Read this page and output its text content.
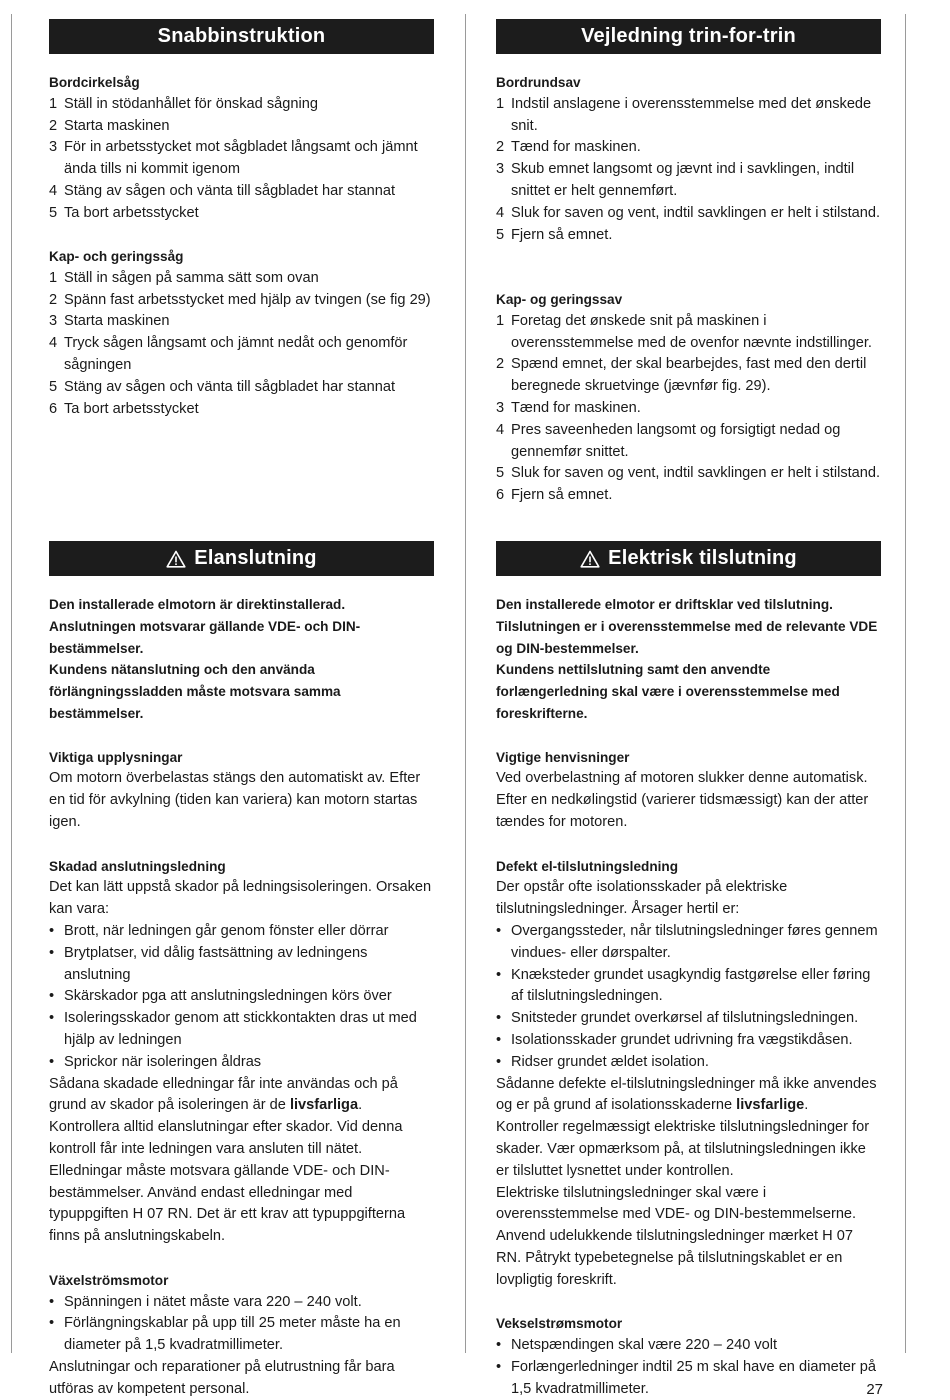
Snabbinstruktion
Bordcirkelsåg
1 Ställ in stödanhållet för önskad sågning
2 Starta maskinen
3 För in arbetsstycket mot sågbladet långsamt och jämnt ända tills ni kommit igenom
4 Stäng av sågen och vänta till sågbladet har stannat
5 Ta bort arbetsstycket
Kap- och geringssåg
1 Ställ in sågen på samma sätt som ovan
2 Spänn fast arbetsstycket med hjälp av tvingen (se fig 29)
3 Starta maskinen
4 Tryck sågen långsamt och jämnt nedåt och genomför sågningen
5 Stäng av sågen och vänta till sågbladet har stannat
6 Ta bort arbetsstycket
Elanslutning

Den installerade elmotorn är direktinstallerad. Anslutningen motsvarar gällande VDE- och DIN-bestämmelser.

Kundens nätanslutning och den använda förlängningssladden måste motsvara samma bestämmelser.

Viktiga upplysningar

Om motorn överbelastas stängs den automatiskt av. Efter en tid för avkylning (tiden kan variera) kan motorn startas igen.

Skadad anslutningsledning

Det kan lätt uppstå skador på ledningsisoleringen. Orsaken kan vara:

• Brott, när ledningen går genom fönster eller dörrar
• Brytplatser, vid dålig fastsättning av ledningens anslutning
• Skärskador pga att anslutningsledningen körs över
• Isoleringsskador genom att stickkontakten dras ut med hjälp av ledningen
• Sprickor när isoleringen åldras

Sådana skadade elledningar får inte användas och på grund av skador på isoleringen är de livsfarliga.

Kontrollera alltid elanslutningar efter skador. Vid denna kontroll får inte ledningen vara ansluten till nätet.

Elledningar måste motsvara gällande VDE- och DIN-bestämmelser. Använd endast elledningar med typuppgiften H 07 RN. Det är ett krav att typuppgifterna finns på anslutningskabeln.

Växelströmsmotor
• Spänningen i nätet måste vara 220 – 240 volt.
• Förlängningskablar på upp till 25 meter måste ha en diameter på 1,5 kvadratmillimeter.

Anslutningar och reparationer på elutrustning får bara utföras av kompetent personal.

Vejledning trin-for-trin
Bordrundsav
1 Indstil anslagene i overensstemmelse med det ønskede snit.
2 Tænd for maskinen.
3 Skub emnet langsomt og jævnt ind i savklingen, indtil snittet er helt gennemført.
4 Sluk for saven og vent, indtil savklingen er helt i stilstand.
5 Fjern så emnet.
Kap- og geringssav
1 Foretag det ønskede snit på maskinen i overensstemmelse med de ovenfor nævnte indstillinger.
2 Spænd emnet, der skal bearbejdes, fast med den dertil beregnede skruetvinge (jævnfør fig. 29).
3 Tænd for maskinen.
4 Pres saveenheden langsomt og forsigtigt nedad og gennemfør snittet.
5 Sluk for saven og vent, indtil savklingen er helt i stilstand.
6 Fjern så emnet.
Elektrisk tilslutning

Den installerede elmotor er driftsklar ved tilslutning. Tilslutningen er i overensstemmelse med de relevante VDE og DIN-bestemmelser.

Kundens nettilslutning samt den anvendte forlængerledning skal være i overensstemmelse med foreskrifterne.

Vigtige henvisninger

Ved overbelastning af motoren slukker denne automatisk. Efter en nedkølingstid (varierer tidsmæssigt) kan der atter tændes for motoren.

Defekt el-tilslutningsledning

Der opstår ofte isolationsskader på elektriske tilslutningsledninger. Årsager hertil er:

• Overgangssteder, når tilslutningsledninger føres gennem vindues- eller dørspalter.
• Knæksteder grundet usagkyndig fastgørelse eller føring af tilslutningsledningen.
• Snitsteder grundet overkørsel af tilslutningsledningen.
• Isolationsskader grundet udrivning fra vægstikdåsen.
• Ridser grundet ældet isolation.

Sådanne defekte el-tilslutningsledninger må ikke anvendes og er på grund af isolationsskaderne livsfarlige.

Kontroller regelmæssigt elektriske tilslutningsledninger for skader. Vær opmærksom på, at tilslutningsledningen ikke er tilsluttet lysnettet under kontrollen.

Elektriske tilslutningsledninger skal være i overensstemmelse med VDE- og DIN-bestemmelserne. Anvend udelukkende tilslutningsledninger mærket H 07 RN. Påtrykt typebetegnelse på tilslutningskablet er en lovpligtig foreskrift.

Vekselstrømsmotor
• Netspændingen skal være 220 – 240 volt
• Forlængerledninger indtil 25 m skal have en diameter på 1,5 kvadratmillimeter.	27
